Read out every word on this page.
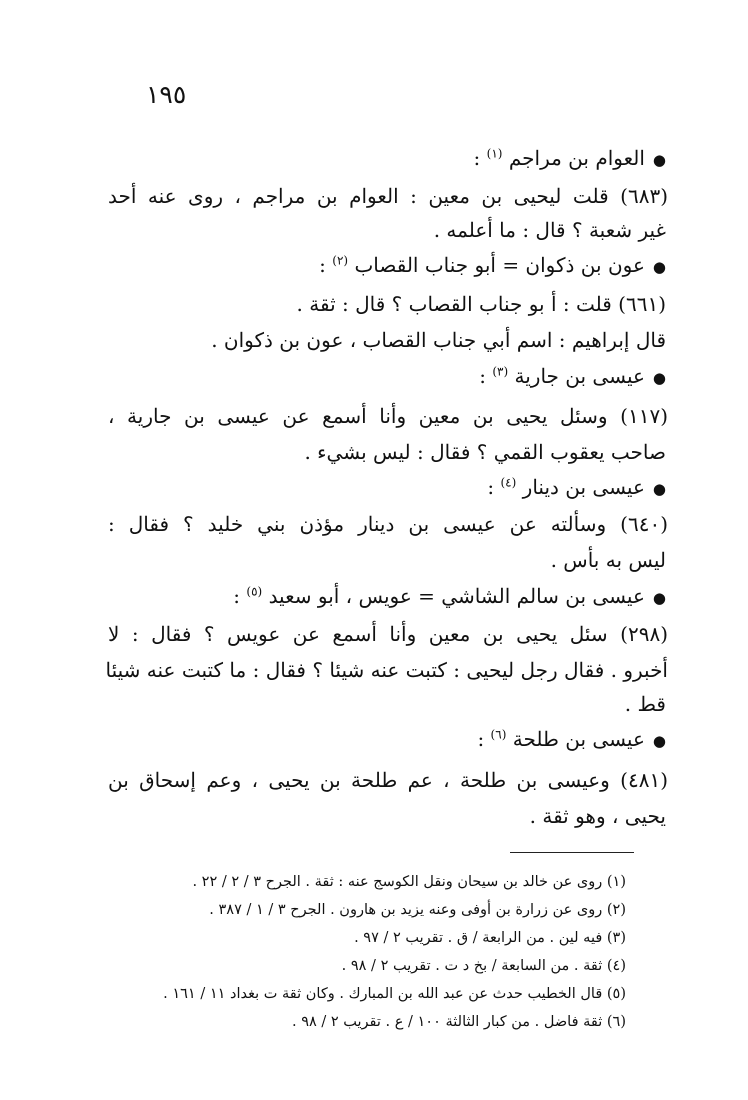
١٩٥
●العوام بن مراجم $^{(١)}$ :
(٦٨٣) قلت ليحيى بن معين : العوام بن مراجم ، روى عنه أحد
غير شعبة ؟ قال : ما أعلمه .
●عون بن ذكوان = أبو جناب القصاب $^{(٢)}$ :
(٦٦١) قلت : أ بو جناب القصاب ؟ قال : ثقة .
قال إبراهيم : اسم أبي جناب القصاب ، عون بن ذكوان .
●عيسى بن جارية $^{(٣)}$ :
(١١٧) وسئل يحيى بن معين وأنا أسمع عن عيسى بن جارية ،
صاحب يعقوب القمي ؟ فقال : ليس بشيء .
●عيسى بن دينار $^{(٤)}$ :
(٦٤٠) وسألته عن عيسى بن دينار مؤذن بني خليد ؟ فقال :
ليس به بأس .
●عيسى بن سالم الشاشي = عويس ، أبو سعيد $^{(٥)}$ :
(٢٩٨) سئل يحيى بن معين وأنا أسمع عن عويس ؟ فقال : لا
أخبرو . فقال رجل ليحيى : كتبت عنه شيئا ؟ فقال : ما كتبت عنه شيئا
قط .
●عيسى بن طلحة $^{(٦)}$ :
(٤٨١) وعيسى بن طلحة ، عم طلحة بن يحيى ، وعم إسحاق بن
يحيى ، وهو ثقة .
(١) روى عن خالد بن سيحان ونقل الكوسج عنه : ثقة . الجرح ٣ / ٢ / ٢٢ .
(٢) روى عن زرارة بن أوفى وعنه يزيد بن هارون . الجرح ٣ / ١ / ٣٨٧ .
(٣) فيه لين . من الرابعة / ق . تقريب ٢ / ٩٧ .
(٤) ثقة . من السابعة / بخ د ت . تقريب ٢ / ٩٨ .
(٥) قال الخطيب حدث عن عبد الله بن المبارك . وكان ثقة ت بغداد ١١ / ١٦١ .
(٦) ثقة فاضل . من كبار الثالثة ١٠٠ / ع . تقريب ٢ / ٩٨ .
